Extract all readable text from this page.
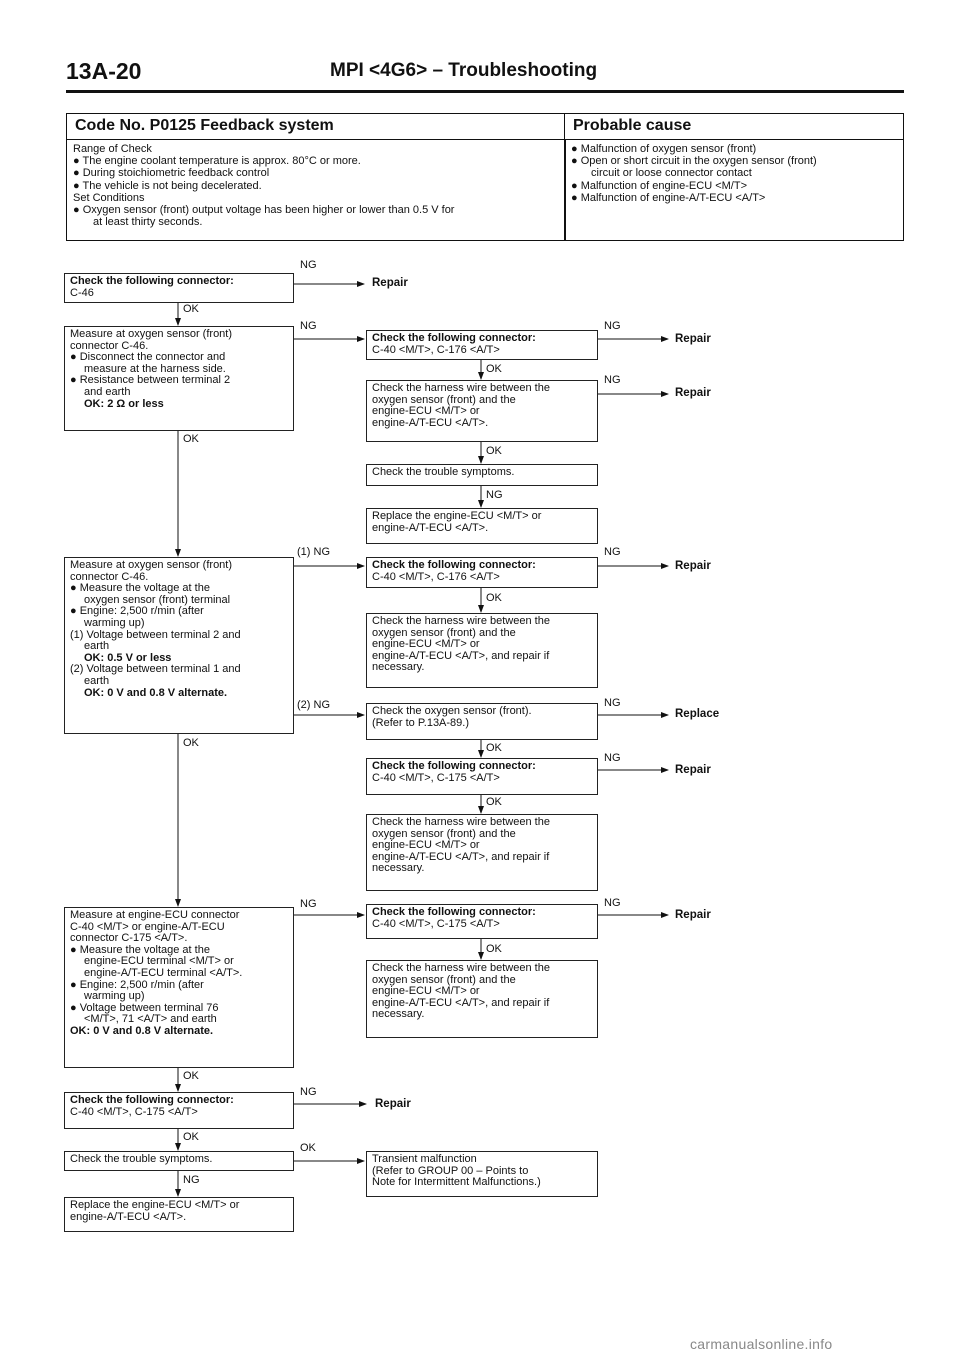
13A-20	MPI <4G6> – Troubleshooting
Code No. P0125 Feedback system	Probable cause
Range of Check
● The engine coolant temperature is approx. 80°C or more.
● During stoichiometric feedback control
● The vehicle is not being decelerated.
Set Conditions
● Oxygen sensor (front) output voltage has been higher or lower than 0.5 V for
at least thirty seconds.
● Malfunction of oxygen sensor (front)
● Open or short circuit in the oxygen sensor (front)
circuit or loose connector contact
● Malfunction of engine-ECU <M/T>
● Malfunction of engine-A/T-ECU <A/T>
Check the following connector:
C-46
Measure at oxygen sensor (front)
connector C-46.
● Disconnect the connector and
measure at the harness side.
● Resistance between terminal 2
and earth
OK: 2 Ω or less
Measure at oxygen sensor (front)
connector C-46.
● Measure the voltage at the
oxygen sensor (front) terminal
● Engine: 2,500 r/min (after
warming up)
(1) Voltage between terminal 2 and
earth
OK: 0.5 V or less
(2) Voltage between terminal 1 and
earth
OK: 0 V and 0.8 V alternate.
Measure at engine-ECU connector
C-40 <M/T> or engine-A/T-ECU
connector C-175 <A/T>.
● Measure the voltage at the
engine-ECU terminal <M/T> or
engine-A/T-ECU terminal <A/T>.
● Engine: 2,500 r/min (after
warming up)
● Voltage between terminal 76
<M/T>, 71 <A/T> and earth
OK: 0 V and 0.8 V alternate.
Check the following connector:
C-40 <M/T>, C-175 <A/T>
Check the trouble symptoms.
Replace the engine-ECU <M/T> or
engine-A/T-ECU <A/T>.
Check the following connector:
C-40 <M/T>, C-176 <A/T>
Check the harness wire between the
oxygen sensor (front) and the
engine-ECU <M/T> or
engine-A/T-ECU <A/T>.
Check the trouble symptoms.
Replace the engine-ECU <M/T> or
engine-A/T-ECU <A/T>.
Check the following connector:
C-40 <M/T>, C-176 <A/T>
Check the harness wire between the
oxygen sensor (front) and the
engine-ECU <M/T> or
engine-A/T-ECU <A/T>, and repair if
necessary.
Check the oxygen sensor (front).
(Refer to P.13A-89.)
Check the following connector:
C-40 <M/T>, C-175 <A/T>
Check the harness wire between the
oxygen sensor (front) and the
engine-ECU <M/T> or
engine-A/T-ECU <A/T>, and repair if
necessary.
Check the following connector:
C-40 <M/T>, C-175 <A/T>
Check the harness wire between the
oxygen sensor (front) and the
engine-ECU <M/T> or
engine-A/T-ECU <A/T>, and repair if
necessary.
Transient malfunction
(Refer to GROUP 00 – Points to
Note for Intermittent Malfunctions.)
OK
OK
OK
OK
OK
NG
NG
NG
(1) NG
(2) NG
NG
NG
OK
OK
OK
NG
OK
OK
OK
OK
NG
NG
NG
NG
NG
NG
Repair
Repair
Repair
Repair
Replace
Repair
Repair
Repair
carmanualsonline.info
